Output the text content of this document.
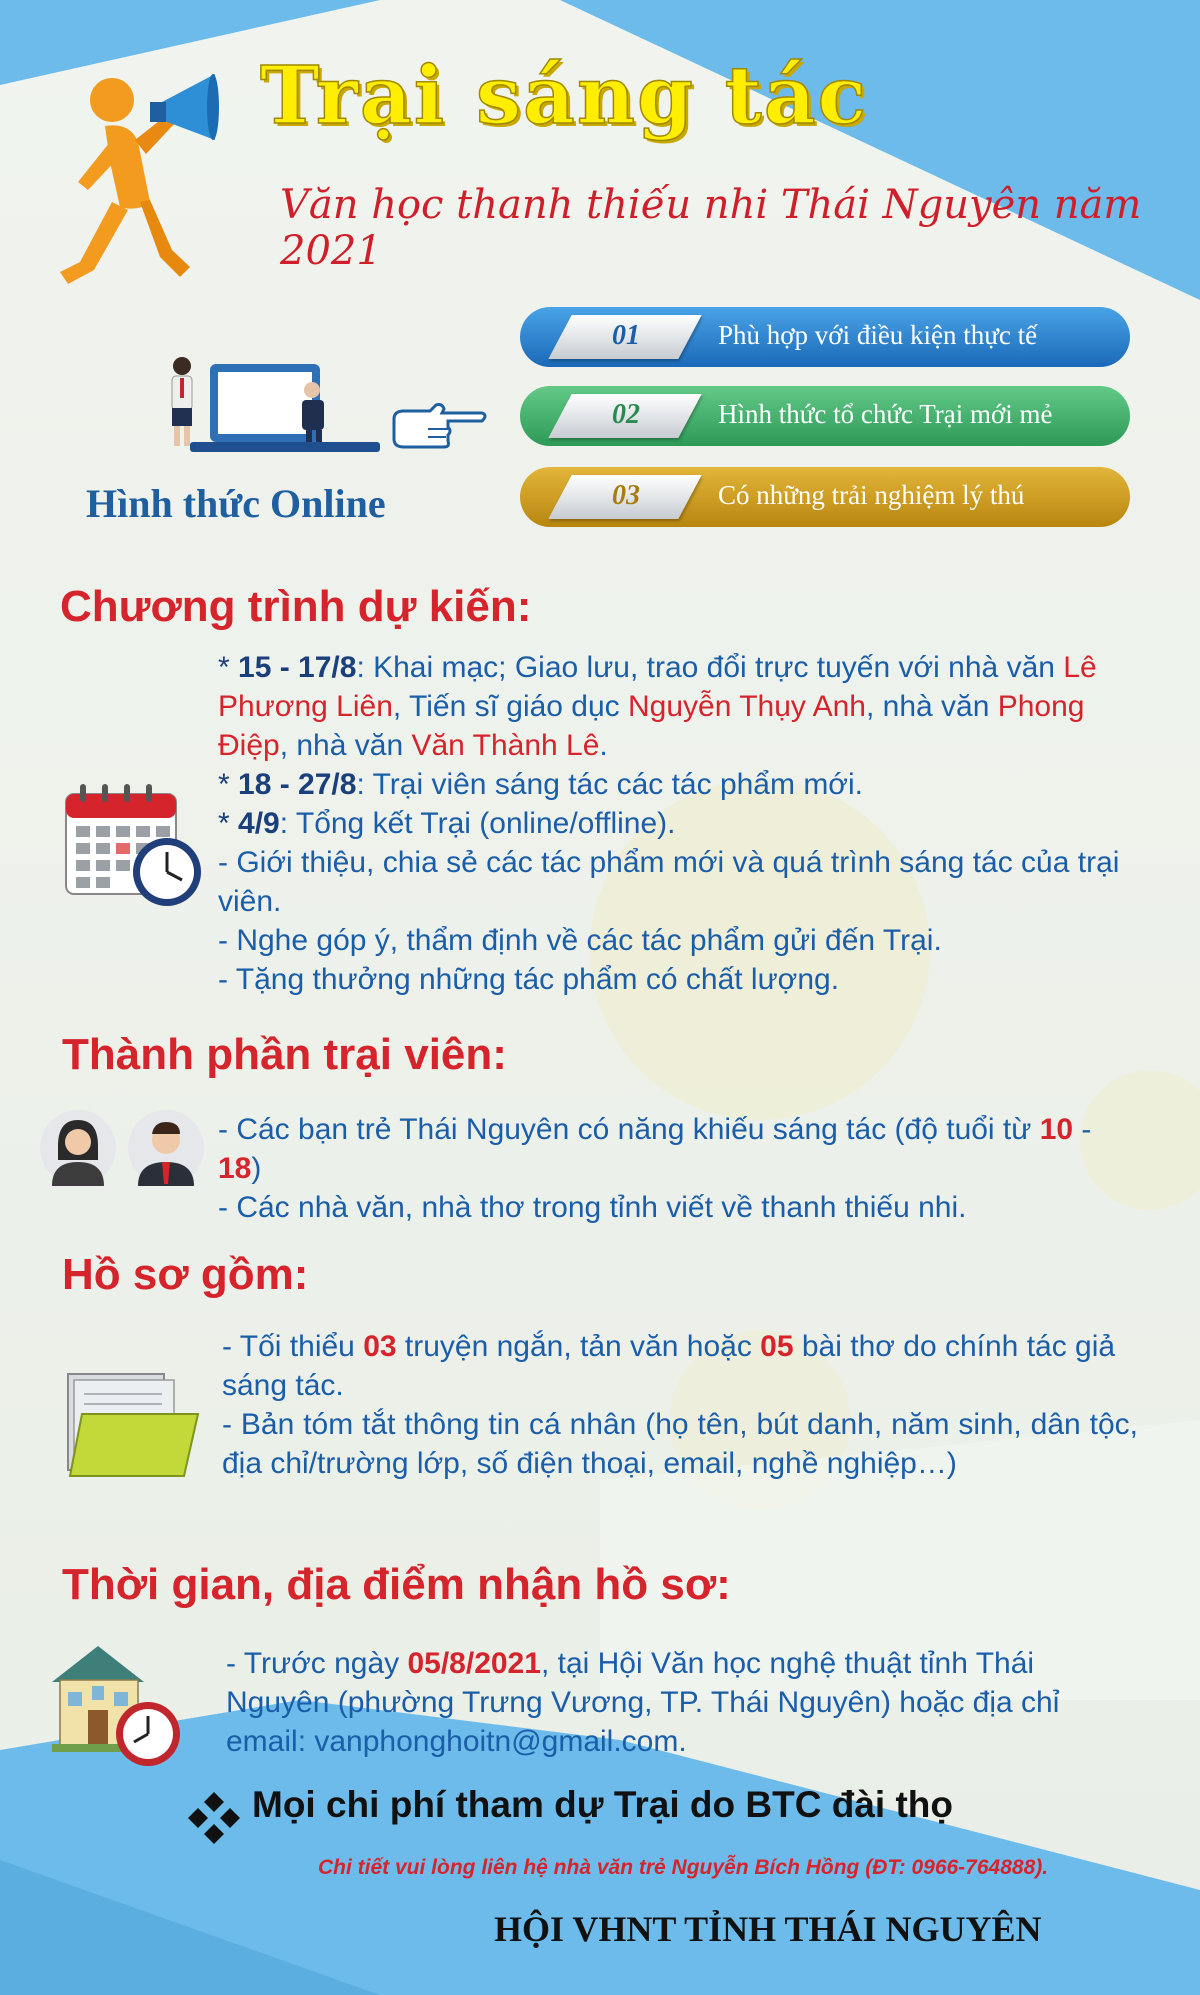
Trại sáng tác
Văn học thanh thiếu nhi Thái Nguyên năm 2021
Hình thức Online
01	Phù hợp với điều kiện thực tế
02	Hình thức tổ chức Trại mới mẻ
03	Có những trải nghiệm lý thú
Chương trình dự kiến:
* 15 - 17/8: Khai mạc; Giao lưu, trao đổi trực tuyến với nhà văn Lê Phương Liên, Tiến sĩ giáo dục Nguyễn Thụy Anh, nhà văn Phong Điệp, nhà văn Văn Thành Lê.
* 18 - 27/8: Trại viên sáng tác các tác phẩm mới.
* 4/9: Tổng kết Trại (online/offline).
- Giới thiệu, chia sẻ các tác phẩm mới và quá trình sáng tác của trại viên.
- Nghe góp ý, thẩm định về các tác phẩm gửi đến Trại.
- Tặng thưởng những tác phẩm có chất lượng.
Thành phần trại viên:
- Các bạn trẻ Thái Nguyên có năng khiếu sáng tác (độ tuổi từ 10 - 18)
- Các nhà văn, nhà thơ trong tỉnh viết về thanh thiếu nhi.
Hồ sơ gồm:
- Tối thiểu 03 truyện ngắn, tản văn hoặc 05 bài thơ do chính tác giả sáng tác.
- Bản tóm tắt thông tin cá nhân (họ tên, bút danh, năm sinh, dân tộc, địa chỉ/trường lớp, số điện thoại, email, nghề nghiệp…)
Thời gian, địa điểm nhận hồ sơ:
- Trước ngày 05/8/2021, tại Hội Văn học nghệ thuật tỉnh Thái Nguyên (phường Trưng Vương, TP. Thái Nguyên) hoặc địa chỉ email: vanphonghoitn@gmail.com.
Mọi chi phí tham dự Trại do BTC đài thọ
Chi tiết vui lòng liên hệ nhà văn trẻ Nguyễn Bích Hồng (ĐT: 0966-764888).
HỘI VHNT TỈNH THÁI NGUYÊN
